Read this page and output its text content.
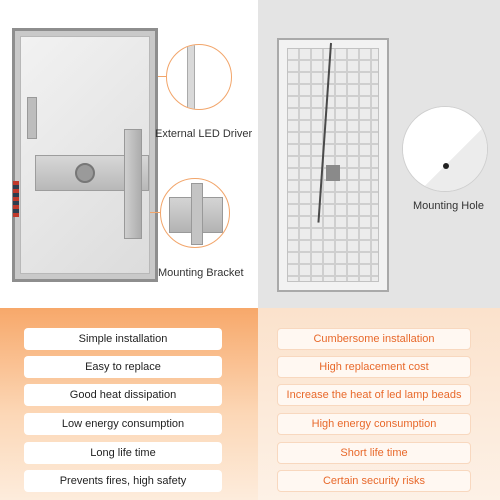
External LED Driver
Mounting Bracket
Mounting Hole
Simple installation
Easy to replace
Good heat dissipation
Low energy consumption
Long life time
Prevents fires, high safety
Cumbersome installation
High replacement cost
Increase the heat of led lamp beads
High energy consumption
Short life time
Certain security risks
